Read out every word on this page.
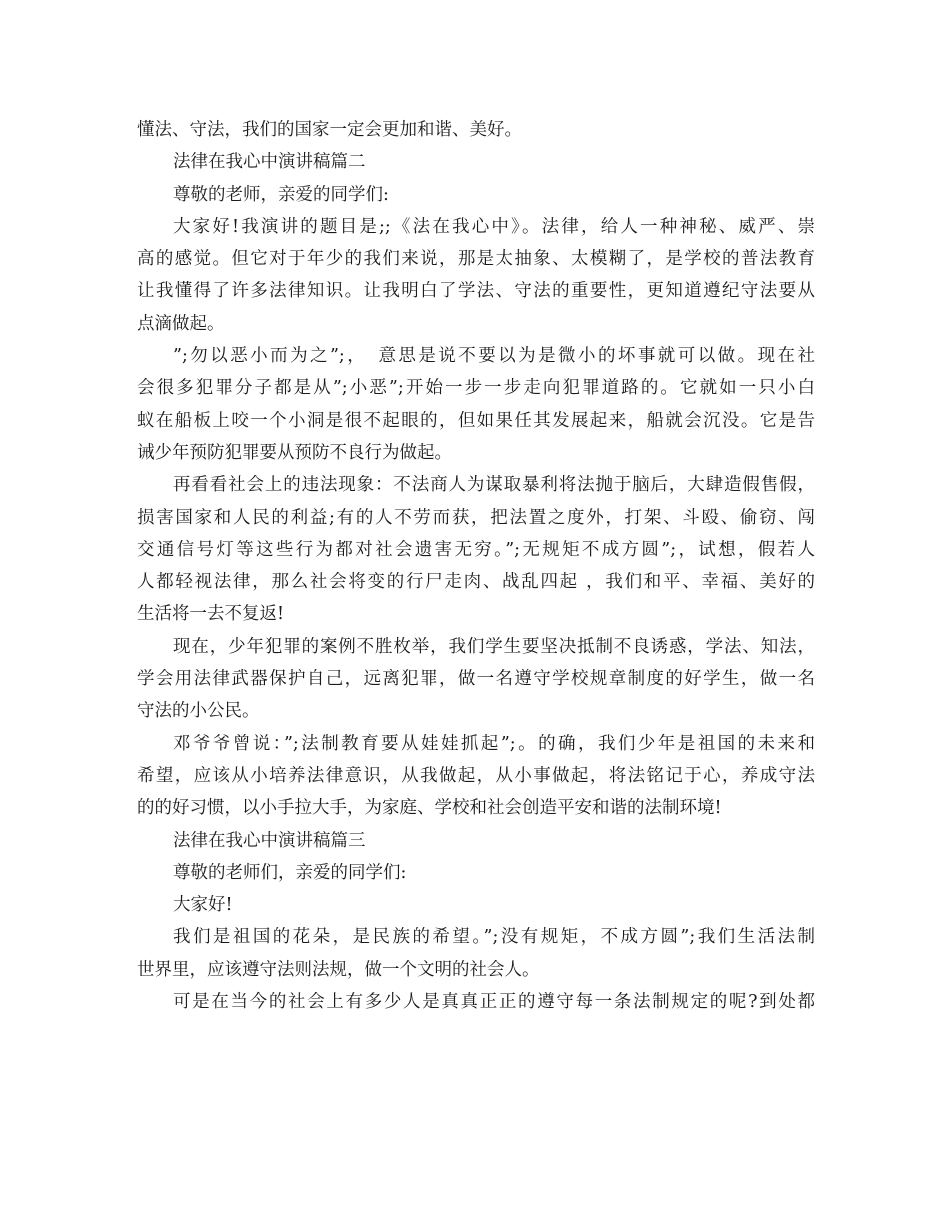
懂法、守法，我们的国家一定会更加和谐、美好。
法律在我心中演讲稿篇二
尊敬的老师，亲爱的同学们:
大家好!我演讲的题目是;;《法在我心中》。法律，给人一种神秘、威严、崇
高的感觉。但它对于年少的我们来说，那是太抽象、太模糊了，是学校的普法教育
让我懂得了许多法律知识。让我明白了学法、守法的重要性，更知道遵纪守法要从
点滴做起。
”;勿以恶小而为之”;，　意思是说不要以为是微小的坏事就可以做。现在社
会很多犯罪分子都是从”;小恶”;开始一步一步走向犯罪道路的。它就如一只小白
蚁在船板上咬一个小洞是很不起眼的，但如果任其发展起来，船就会沉没。它是告
诫少年预防犯罪要从预防不良行为做起。
再看看社会上的违法现象：不法商人为谋取暴利将法抛于脑后，大肆造假售假，
损害国家和人民的利益;有的人不劳而获，把法置之度外，打架、斗殴、偷窃、闯
交通信号灯等这些行为都对社会遗害无穷。”;无规矩不成方圆”;，试想，假若人
人都轻视法律，那么社会将变的行尸走肉、战乱四起 ，我们和平、幸福、美好的
生活将一去不复返!
现在，少年犯罪的案例不胜枚举，我们学生要坚决抵制不良诱惑，学法、知法，
学会用法律武器保护自己，远离犯罪，做一名遵守学校规章制度的好学生，做一名
守法的小公民。
邓爷爷曾说：”;法制教育要从娃娃抓起”;。的确，我们少年是祖国的未来和
希望，应该从小培养法律意识，从我做起，从小事做起，将法铭记于心，养成守法
的的好习惯，以小手拉大手，为家庭、学校和社会创造平安和谐的法制环境!
法律在我心中演讲稿篇三
尊敬的老师们，亲爱的同学们:
大家好!
我们是祖国的花朵，是民族的希望。”;没有规矩，不成方圆”;我们生活法制
世界里，应该遵守法则法规，做一个文明的社会人。
可是在当今的社会上有多少人是真真正正的遵守每一条法制规定的呢?到处都
